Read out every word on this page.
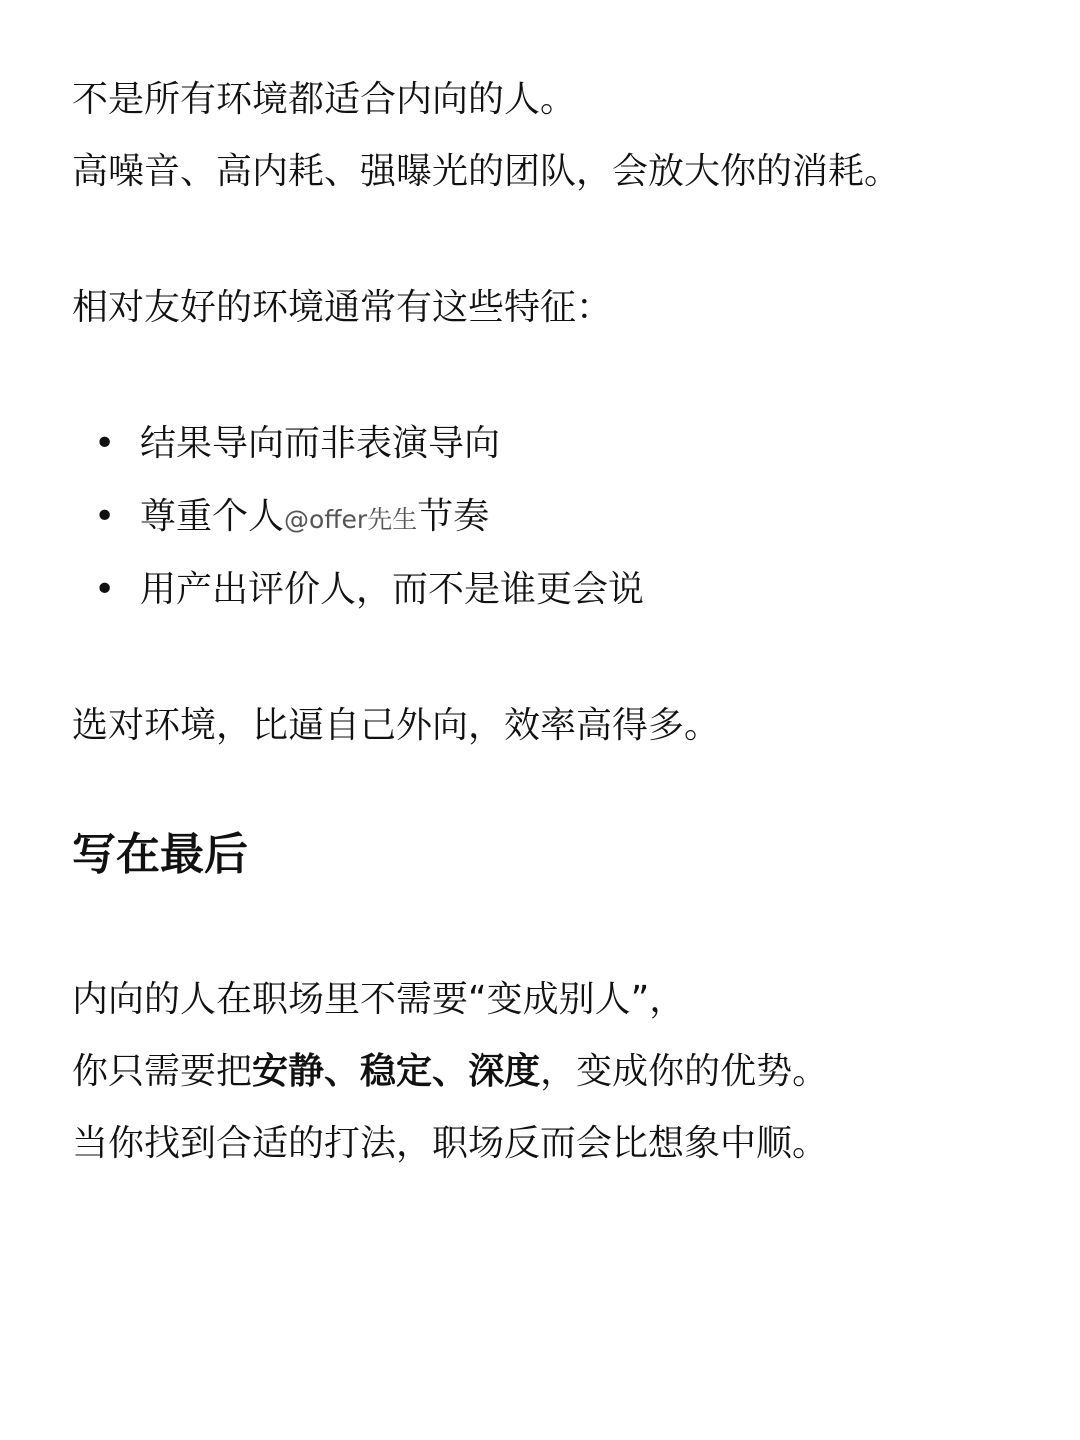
不是所有环境都适合内向的人。

高噪音、高内耗、强曝光的团队，会放大你的消耗。

相对友好的环境通常有这些特征：

• 结果导向而非表演导向
• 尊重个人@offer先生节奏
• 用产出评价人，而不是谁更会说

选对环境，比逼自己外向，效率高得多。

写在最后

内向的人在职场里不需要“变成别人”，

你只需要把安静、稳定、深度，变成你的优势。

当你找到合适的打法，职场反而会比想象中顺。
